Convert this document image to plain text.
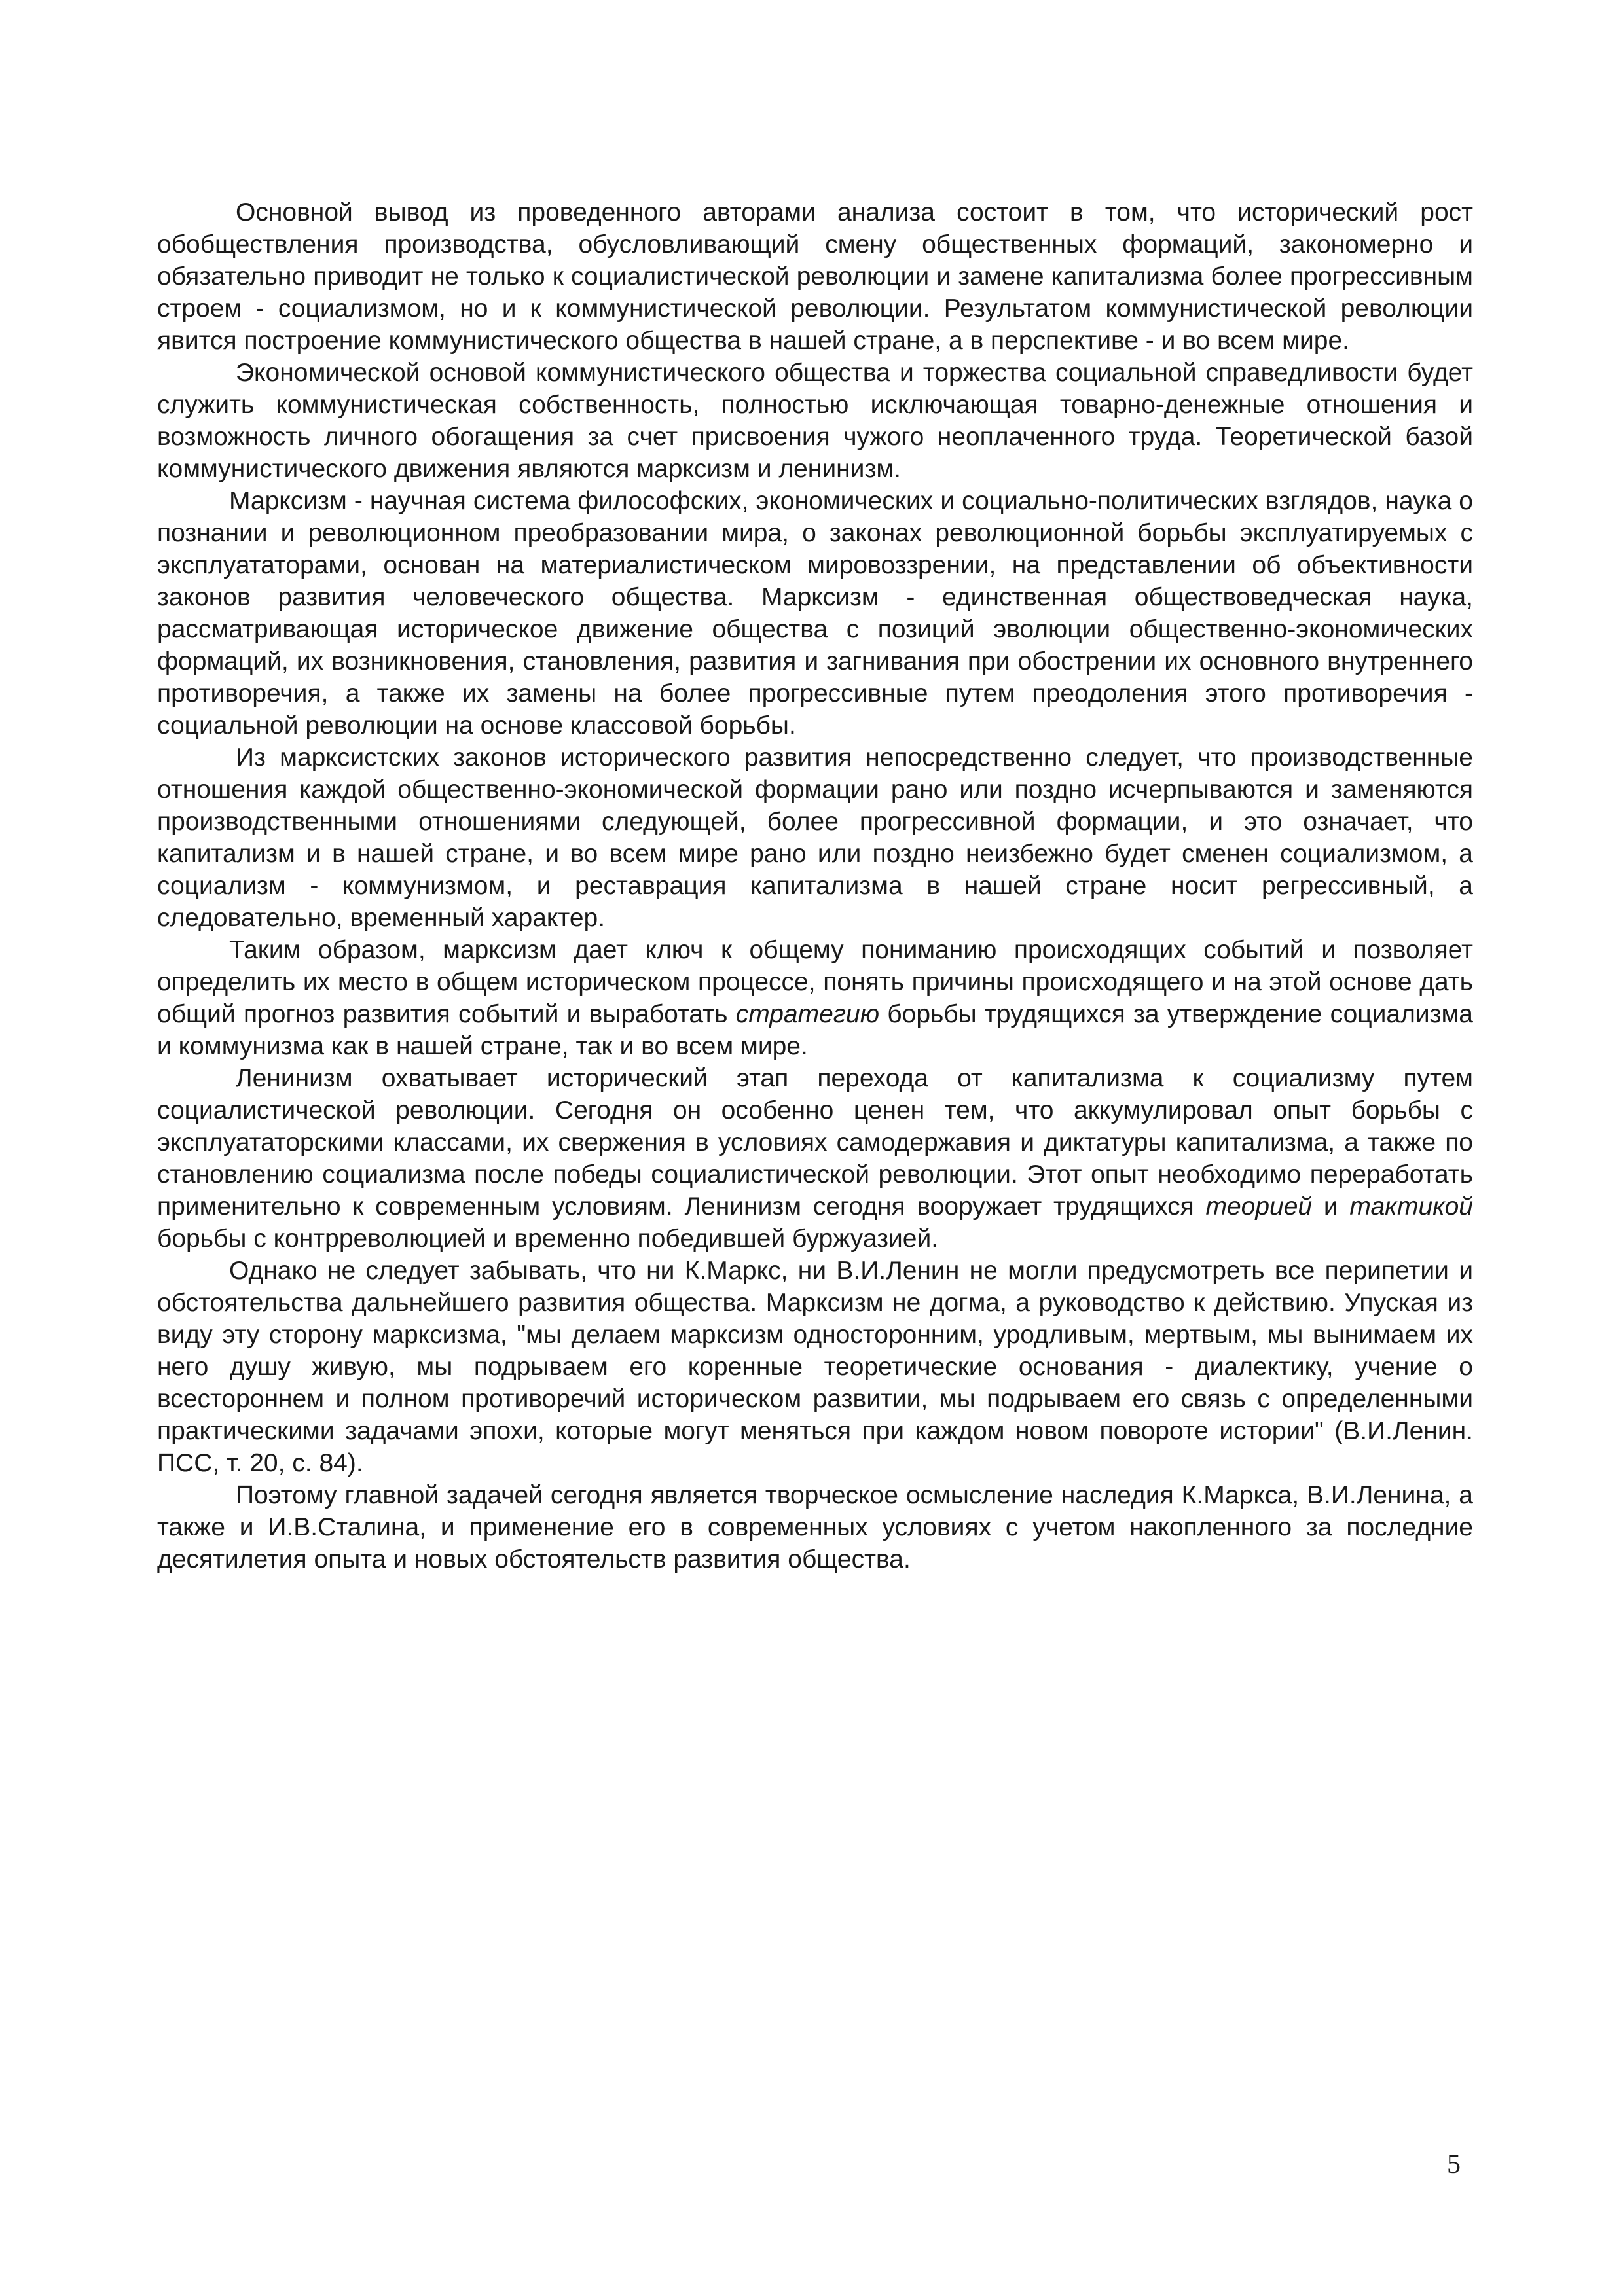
Основной вывод из проведенного авторами анализа состоит в том, что исторический рост обобществления производства, обусловливающий смену общественных формаций, закономерно и обязательно приводит не только к социалистической революции и замене капитализма более прогрессивным строем - социализмом, но и к коммунистической революции. Результатом коммунистической революции явится построение коммунистического общества в нашей стране, а в перспективе - и во всем мире.

Экономической основой коммунистического общества и торжества социальной справедливости будет служить коммунистическая собственность, полностью исключающая товарно-денежные отношения и возможность личного обогащения за счет присвоения чужого неоплаченного труда. Теоретической базой коммунистического движения являются марксизм и ленинизм.

Марксизм - научная система философских, экономических и социально-политических взглядов, наука о познании и революционном преобразовании мира, о законах революционной борьбы эксплуатируемых с эксплуататорами, основан на материалистическом мировоззрении, на представлении об объективности законов развития человеческого общества. Марксизм - единственная обществоведческая наука, рассматривающая историческое движение общества с позиций эволюции общественно-экономических формаций, их возникновения, становления, развития и загнивания при обострении их основного внутреннего противоречия, а также их замены на более прогрессивные путем преодоления этого противоречия - социальной революции на основе классовой борьбы.

Из марксистских законов исторического развития непосредственно следует, что производственные отношения каждой общественно-экономической формации рано или поздно исчерпываются и заменяются производственными отношениями следующей, более прогрессивной формации, и это означает, что капитализм и в нашей стране, и во всем мире рано или поздно неизбежно будет сменен социализмом, а социализм - коммунизмом, и реставрация капитализма в нашей стране носит регрессивный, а следовательно, временный характер.

Таким образом, марксизм дает ключ к общему пониманию происходящих событий и позволяет определить их место в общем историческом процессе, понять причины происходящего и на этой основе дать общий прогноз развития событий и выработать стратегию борьбы трудящихся за утверждение социализма и коммунизма как в нашей стране, так и во всем мире.

Ленинизм охватывает исторический этап перехода от капитализма к социализму путем социалистической революции. Сегодня он особенно ценен тем, что аккумулировал опыт борьбы с эксплуататорскими классами, их свержения в условиях самодержавия и диктатуры капитализма, а также по становлению социализма после победы социалистической революции. Этот опыт необходимо переработать применительно к современным условиям. Ленинизм сегодня вооружает трудящихся теорией и тактикой борьбы с контрреволюцией и временно победившей буржуазией.

Однако не следует забывать, что ни К.Маркс, ни В.И.Ленин не могли предусмотреть все перипетии и обстоятельства дальнейшего развития общества. Марксизм не догма, а руководство к действию. Упуская из виду эту сторону марксизма, "мы делаем марксизм односторонним, уродливым, мертвым, мы вынимаем их него душу живую, мы подрываем его коренные теоретические основания - диалектику, учение о всестороннем и полном противоречий историческом развитии, мы подрываем его связь с определенными практическими задачами эпохи, которые могут меняться при каждом новом повороте истории" (В.И.Ленин. ПСС, т. 20, с. 84).

Поэтому главной задачей сегодня является творческое осмысление наследия К.Маркса, В.И.Ленина, а также и И.В.Сталина, и применение его в современных условиях с учетом накопленного за последние десятилетия опыта и новых обстоятельств развития общества.

5
